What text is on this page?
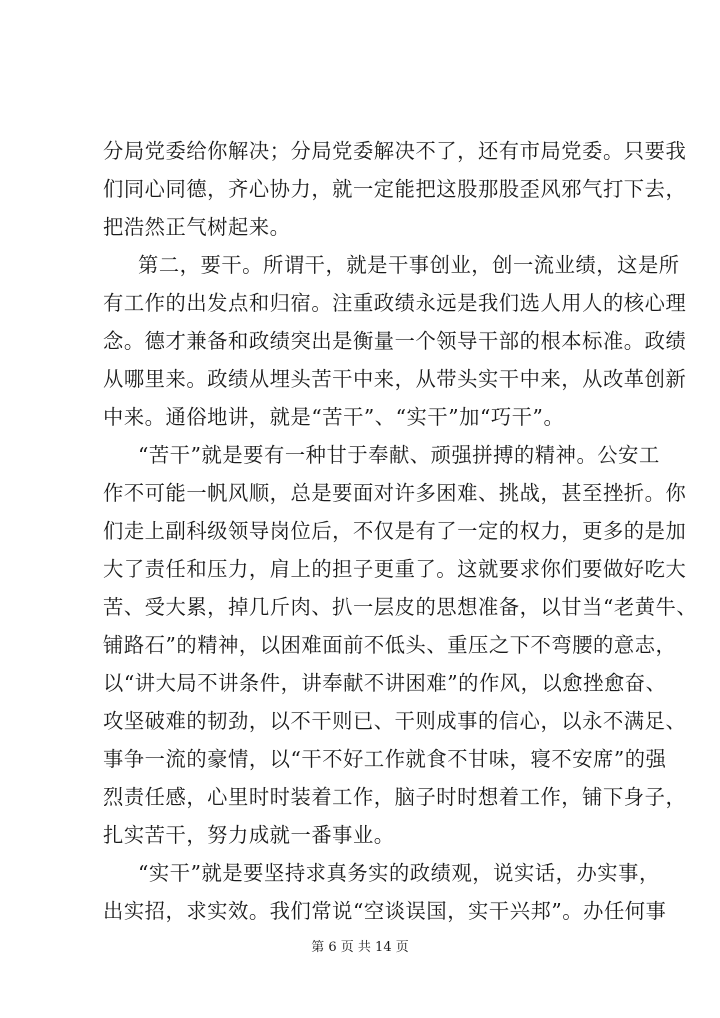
分局党委给你解决；分局党委解决不了，还有市局党委。只要我
们同心同德，齐心协力，就一定能把这股那股歪风邪气打下去，
把浩然正气树起来。
第二，要干。所谓干，就是干事创业，创一流业绩，这是所
有工作的出发点和归宿。注重政绩永远是我们选人用人的核心理
念。德才兼备和政绩突出是衡量一个领导干部的根本标准。政绩
从哪里来。政绩从埋头苦干中来，从带头实干中来，从改革创新
中来。通俗地讲，就是“苦干”、“实干”加“巧干”。
“苦干”就是要有一种甘于奉献、顽强拼搏的精神。公安工
作不可能一帆风顺，总是要面对许多困难、挑战，甚至挫折。你
们走上副科级领导岗位后，不仅是有了一定的权力，更多的是加
大了责任和压力，肩上的担子更重了。这就要求你们要做好吃大
苦、受大累，掉几斤肉、扒一层皮的思想准备，以甘当“老黄牛、
铺路石”的精神，以困难面前不低头、重压之下不弯腰的意志，
以“讲大局不讲条件，讲奉献不讲困难”的作风，以愈挫愈奋、
攻坚破难的韧劲，以不干则已、干则成事的信心，以永不满足、
事争一流的豪情，以“干不好工作就食不甘味，寝不安席”的强
烈责任感，心里时时装着工作，脑子时时想着工作，铺下身子，
扎实苦干，努力成就一番事业。
“实干”就是要坚持求真务实的政绩观，说实话，办实事，
出实招，求实效。我们常说“空谈误国，实干兴邦”。办任何事
第 6 页 共 14 页
